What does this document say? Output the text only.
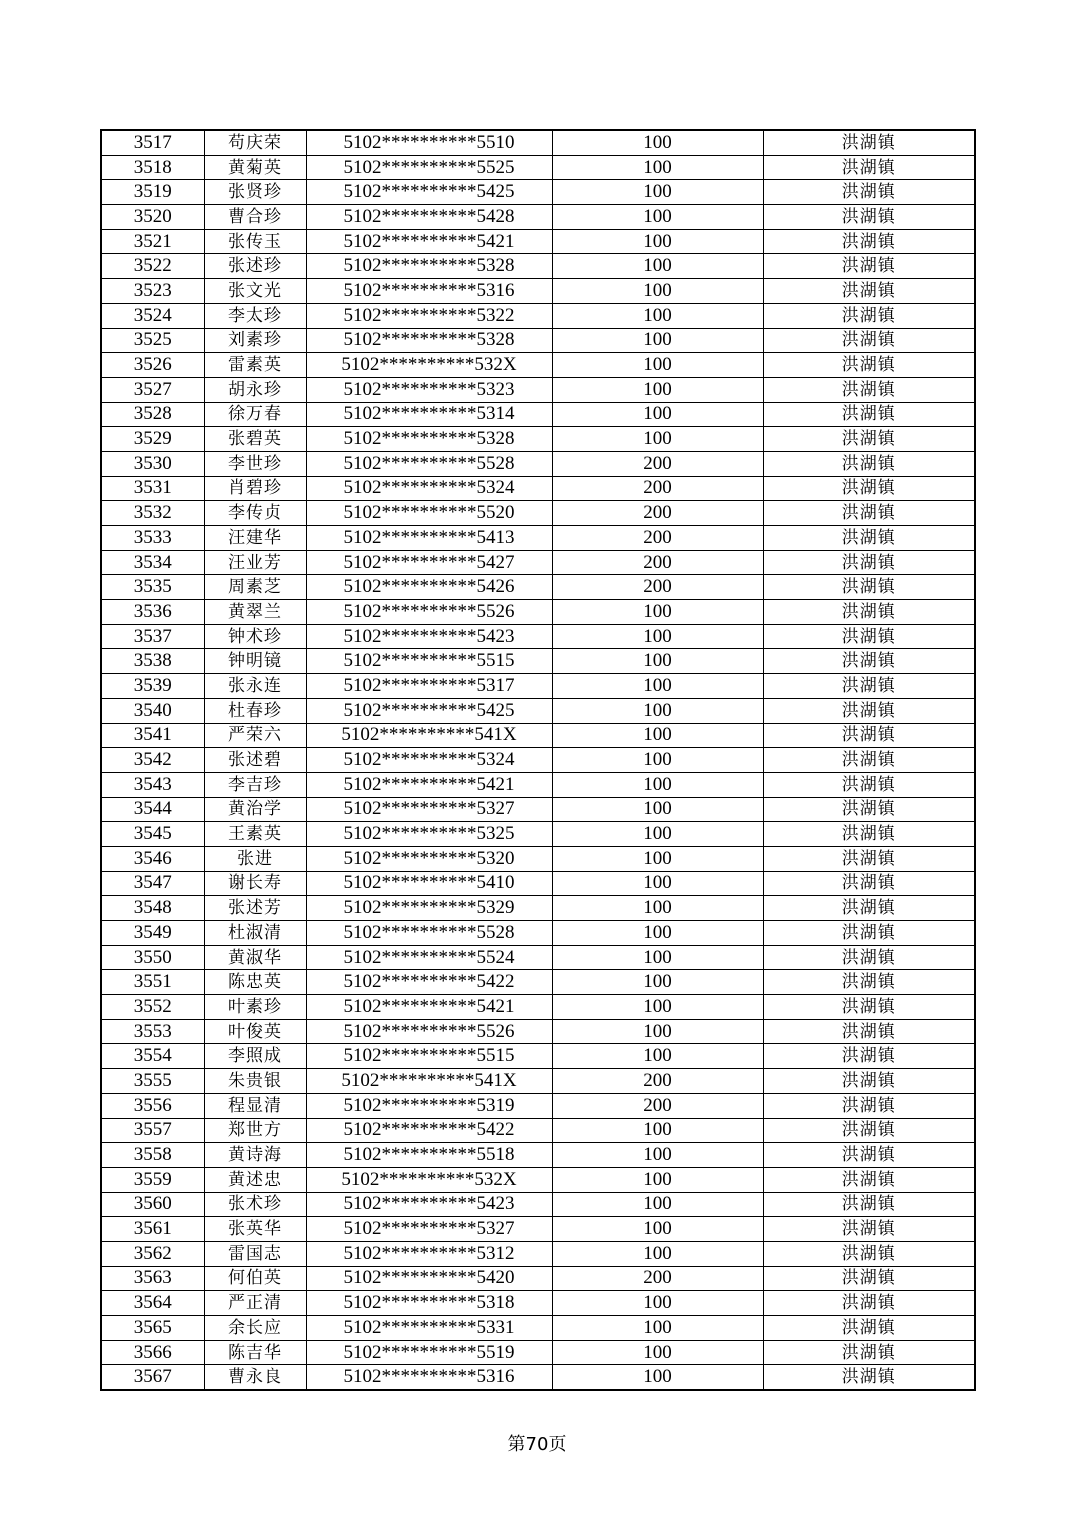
3517	苟庆荣	5102**********5510	100	洪湖镇
3518	黄菊英	5102**********5525	100	洪湖镇
3519	张贤珍	5102**********5425	100	洪湖镇
3520	曹合珍	5102**********5428	100	洪湖镇
3521	张传玉	5102**********5421	100	洪湖镇
3522	张述珍	5102**********5328	100	洪湖镇
3523	张文光	5102**********5316	100	洪湖镇
3524	李太珍	5102**********5322	100	洪湖镇
3525	刘素珍	5102**********5328	100	洪湖镇
3526	雷素英	5102**********532X	100	洪湖镇
3527	胡永珍	5102**********5323	100	洪湖镇
3528	徐万春	5102**********5314	100	洪湖镇
3529	张碧英	5102**********5328	100	洪湖镇
3530	李世珍	5102**********5528	200	洪湖镇
3531	肖碧珍	5102**********5324	200	洪湖镇
3532	李传贞	5102**********5520	200	洪湖镇
3533	汪建华	5102**********5413	200	洪湖镇
3534	汪业芳	5102**********5427	200	洪湖镇
3535	周素芝	5102**********5426	200	洪湖镇
3536	黄翠兰	5102**********5526	100	洪湖镇
3537	钟术珍	5102**********5423	100	洪湖镇
3538	钟明镜	5102**********5515	100	洪湖镇
3539	张永连	5102**********5317	100	洪湖镇
3540	杜春珍	5102**********5425	100	洪湖镇
3541	严荣六	5102**********541X	100	洪湖镇
3542	张述碧	5102**********5324	100	洪湖镇
3543	李吉珍	5102**********5421	100	洪湖镇
3544	黄治学	5102**********5327	100	洪湖镇
3545	王素英	5102**********5325	100	洪湖镇
3546	张进	5102**********5320	100	洪湖镇
3547	谢长寿	5102**********5410	100	洪湖镇
3548	张述芳	5102**********5329	100	洪湖镇
3549	杜淑清	5102**********5528	100	洪湖镇
3550	黄淑华	5102**********5524	100	洪湖镇
3551	陈忠英	5102**********5422	100	洪湖镇
3552	叶素珍	5102**********5421	100	洪湖镇
3553	叶俊英	5102**********5526	100	洪湖镇
3554	李照成	5102**********5515	100	洪湖镇
3555	朱贵银	5102**********541X	200	洪湖镇
3556	程显清	5102**********5319	200	洪湖镇
3557	郑世方	5102**********5422	100	洪湖镇
3558	黄诗海	5102**********5518	100	洪湖镇
3559	黄述忠	5102**********532X	100	洪湖镇
3560	张术珍	5102**********5423	100	洪湖镇
3561	张英华	5102**********5327	100	洪湖镇
3562	雷国志	5102**********5312	100	洪湖镇
3563	何伯英	5102**********5420	200	洪湖镇
3564	严正清	5102**********5318	100	洪湖镇
3565	余长应	5102**********5331	100	洪湖镇
3566	陈吉华	5102**********5519	100	洪湖镇
3567	曹永良	5102**********5316	100	洪湖镇
第70页
